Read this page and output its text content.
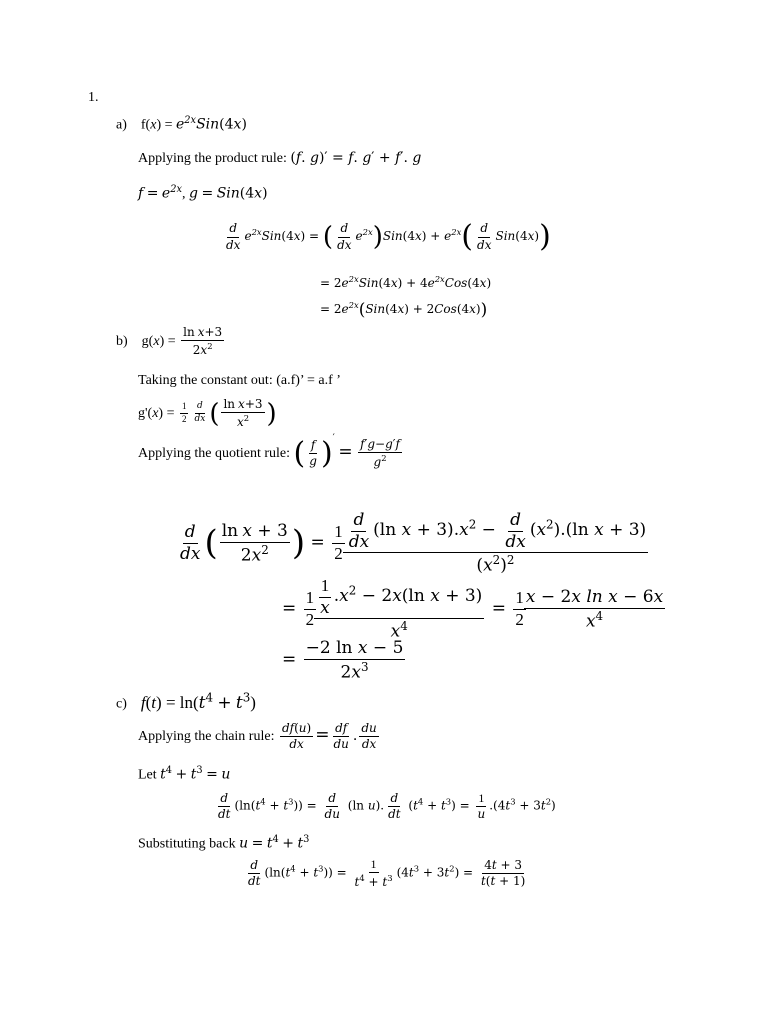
1.
a)    $f(x) = e^{2x}Sin(4x)$
Applying the product rule: (f. g)′ = f. g′ + f′. g
$f = e^{2x}$, g = Sin(4x)
$\frac{d}{dx} e^{2x}Sin(4x)$ = ( $\frac{d}{dx} e^{2x})Sin(4x) + e^{2x}( \frac{d}{dx} Sin(4x))$
= $2e^{2x}Sin(4x) + 4e^{2x}Cos(4x)$
= $2e^{2x}(Sin(4x) + 2Cos(4x))$
b)    $g(x) = \frac{\text{ln x+3}}{2x^2}$
Taking the constant out: (a.f)’ = a.f ’
$g'(x) = \frac{1}{2} \frac{d}{dx}$ ( $\frac{\text{ln x+3}}{x^2}$ )
Applying the quotient rule: ( $\frac{f}{g} )' = \frac{f'g-g'f}{g^2}$
$\frac{d}{dx}$ ( $\frac{\text{ln x + 3}}{2x^2}$ ) = $\frac{1}{2}$
$\frac{\frac{d}{dx} (\ln x + 3).x^2 - \frac{d}{dx} (x^2).(\ln x + 3)}{(x^2)^2}$
= $\frac{1}{2}$
$\frac{\frac{1}{x} .x^2 - 2x(\ln x + 3)}{x^4} = \frac{1}{2}$
$\frac{\text{x − 2x ln x − 6x}}{x^4}$
= $\frac{\text{−2 ln x − 5}}{2x^3}$
c) $f(t) = \ln(t^4 + t^3)$
Applying the chain rule: $\frac{df(u)}{dx} = \frac{df}{du}$ . $\frac{du}{dx}$
Let $t^4 + t^3 = u$
$\frac{d}{dt} (\ln(t^4 + t^3)) = \frac{d}{du} (\ln$ u). $\frac{d}{dt} (t^4 + t^3) = \frac{1}{u} .(4t^3 + 3t^2)$
Substituting back $u = t^4 + t^3$
$\frac{d}{dt} (\ln(t^4 + t^3)) = \frac{1}{t^4 + t^3} (4t^3 + 3t^2) = \frac{4t + 3}{t(t + 1)}$
